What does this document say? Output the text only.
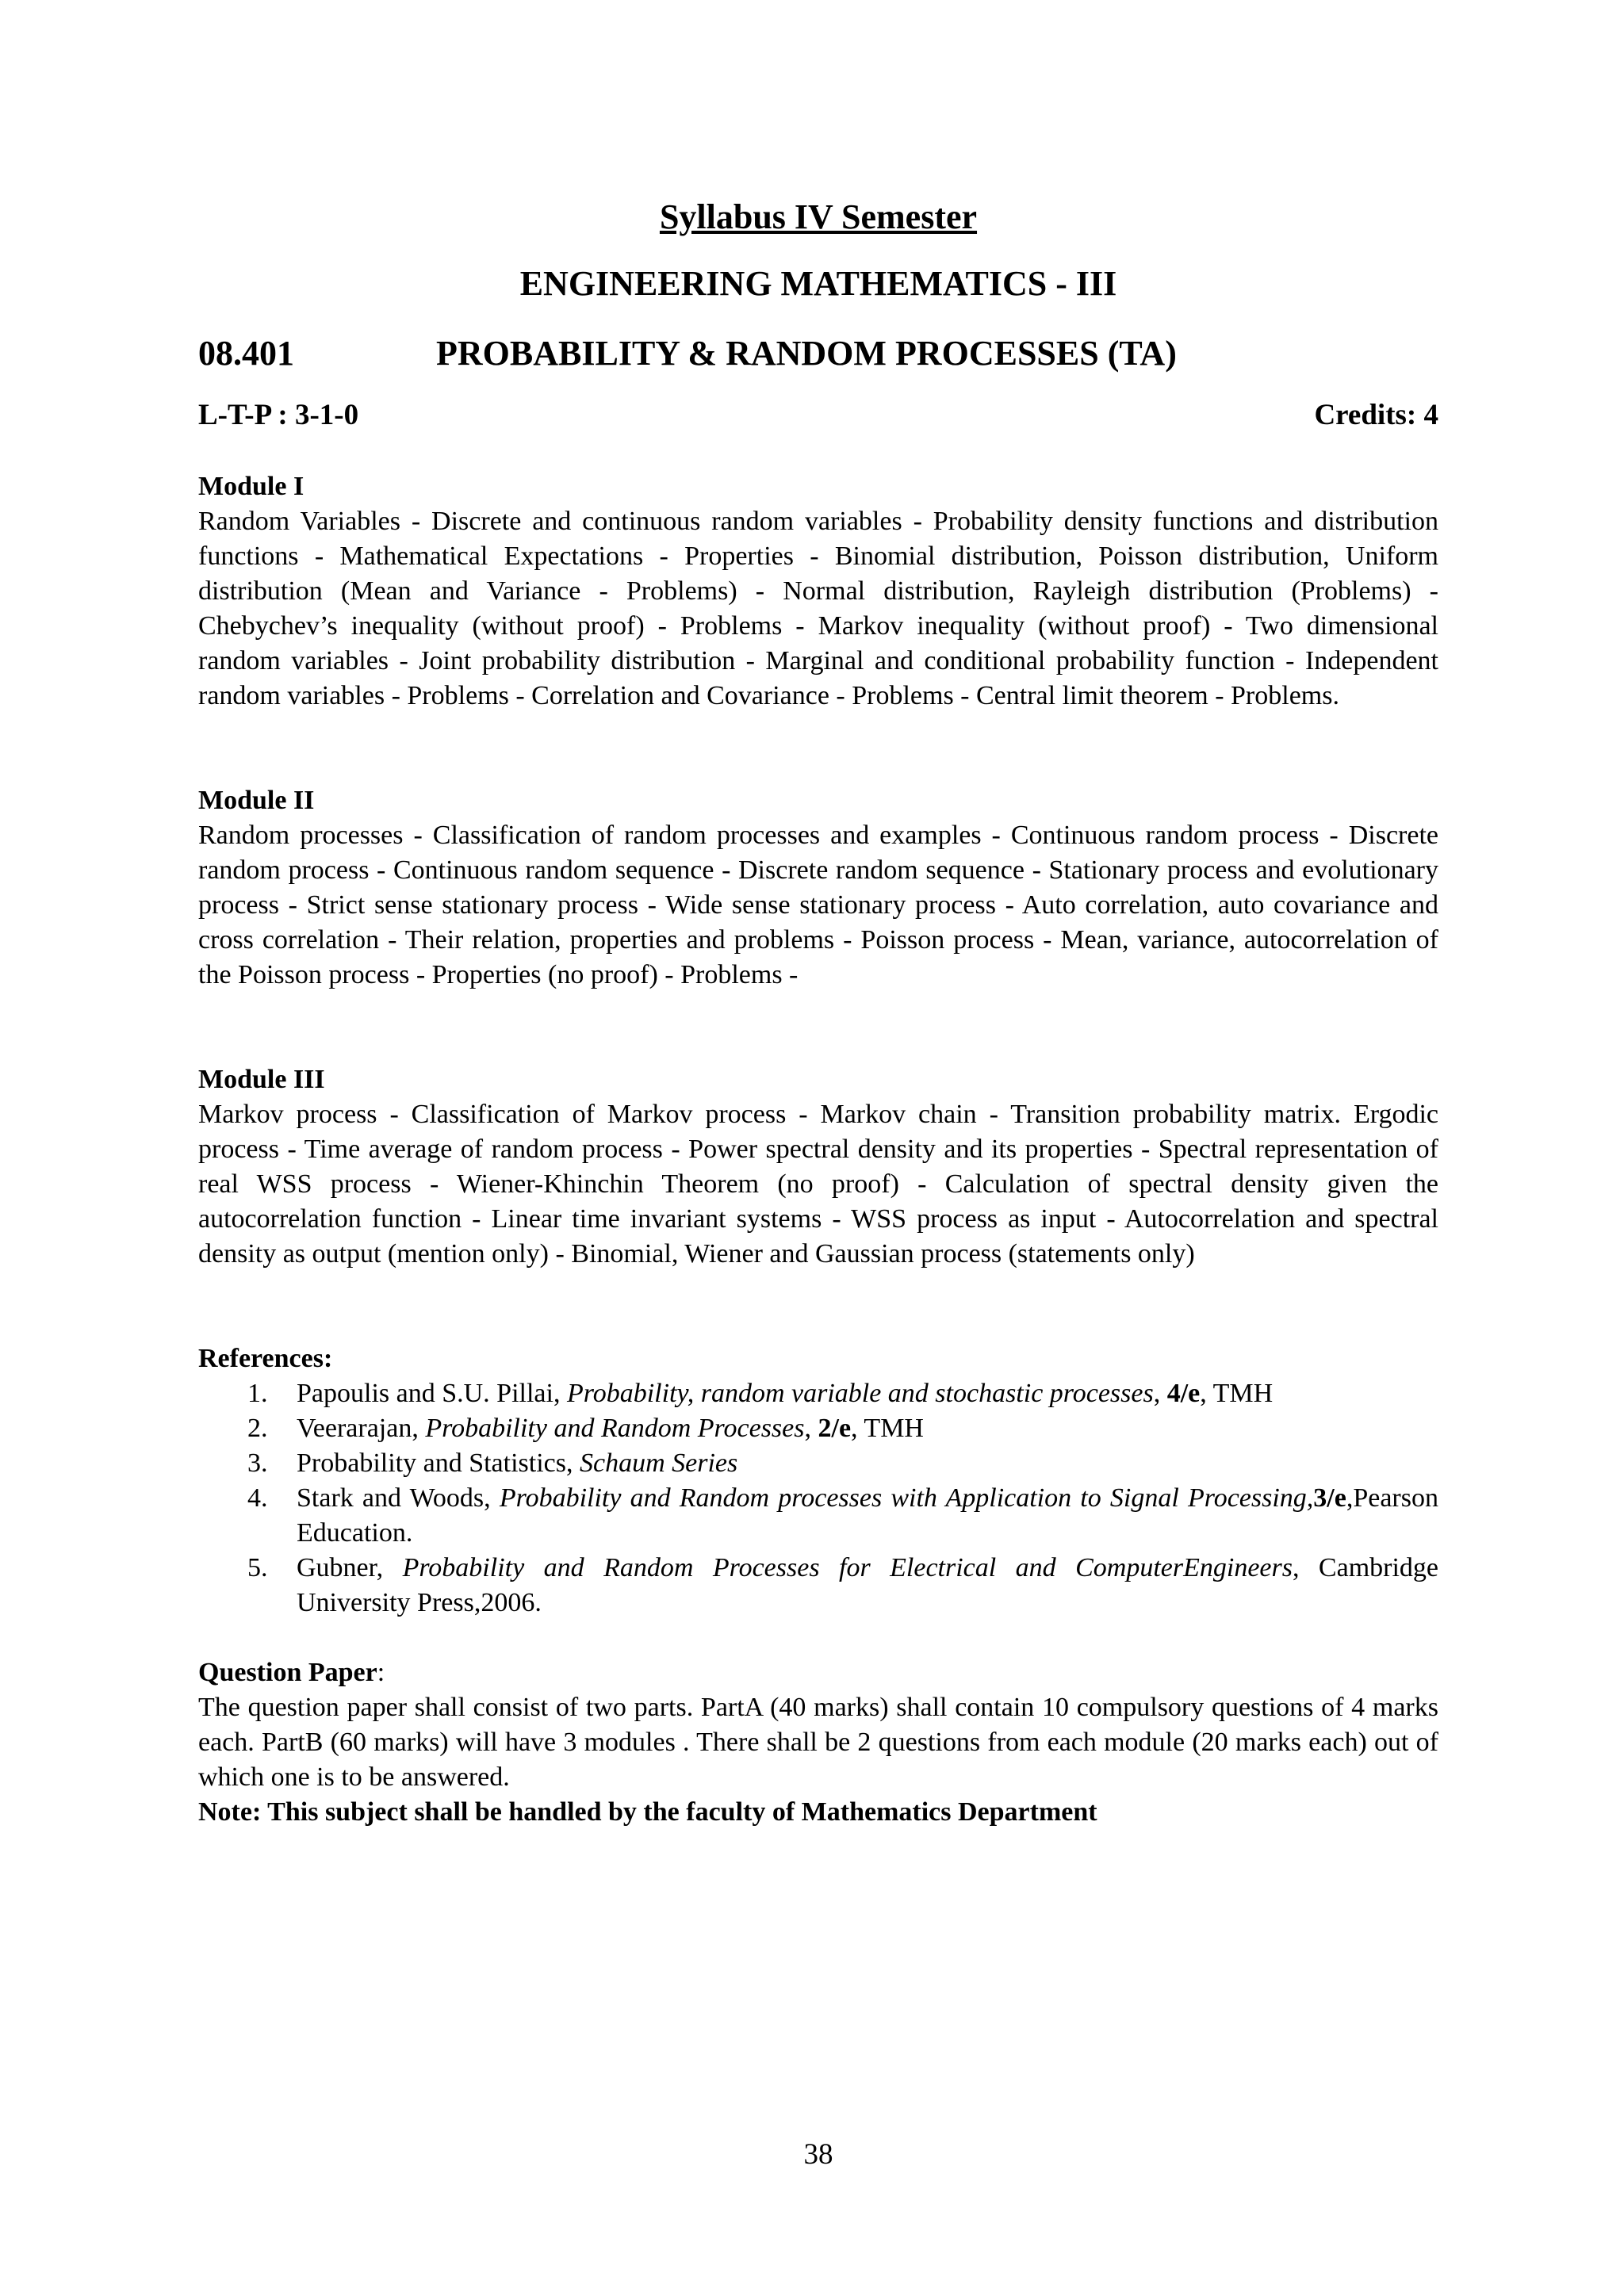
Syllabus IV Semester
ENGINEERING MATHEMATICS - III
08.401	PROBABILITY & RANDOM PROCESSES (TA)
L-T-P : 3-1-0	Credits: 4
Module I
Random Variables - Discrete and continuous random variables - Probability density functions and distribution functions - Mathematical Expectations - Properties - Binomial distribution, Poisson distribution, Uniform distribution (Mean and Variance - Problems) - Normal distribution, Rayleigh distribution (Problems) - Chebychev’s inequality (without proof) - Problems - Markov inequality (without proof) - Two dimensional random variables - Joint probability distribution - Marginal and conditional probability function - Independent random variables - Problems - Correlation and Covariance - Problems - Central limit theorem - Problems.
Module II
Random processes - Classification of random processes and examples - Continuous random process - Discrete random process - Continuous random sequence - Discrete random sequence - Stationary process and evolutionary process - Strict sense stationary process - Wide sense stationary process - Auto correlation, auto covariance and cross correlation - Their relation, properties and problems - Poisson process - Mean, variance, autocorrelation of the Poisson process - Properties (no proof) - Problems -
Module III
Markov process - Classification of Markov process - Markov chain - Transition probability matrix. Ergodic process - Time average of random process - Power spectral density and its properties - Spectral representation of real WSS process - Wiener-Khinchin Theorem (no proof) - Calculation of spectral density given the autocorrelation function - Linear time invariant systems - WSS process as input - Autocorrelation and spectral density as output (mention only) - Binomial, Wiener and Gaussian process (statements only)
References:
1. Papoulis and S.U. Pillai, Probability, random variable and stochastic processes, 4/e, TMH
2. Veerarajan, Probability and Random Processes, 2/e, TMH
3. Probability and Statistics, Schaum Series
4. Stark and Woods, Probability and Random processes with Application to Signal Processing,3/e,Pearson Education.
5. Gubner, Probability and Random Processes for Electrical and ComputerEngineers, Cambridge University Press,2006.
Question Paper:
The question paper shall consist of two parts. PartA (40 marks) shall contain 10 compulsory questions of 4 marks each. PartB (60 marks) will have 3 modules . There shall be 2 questions from each module (20 marks each) out of which one is to be answered.
Note: This subject shall be handled by the faculty of Mathematics Department
38
